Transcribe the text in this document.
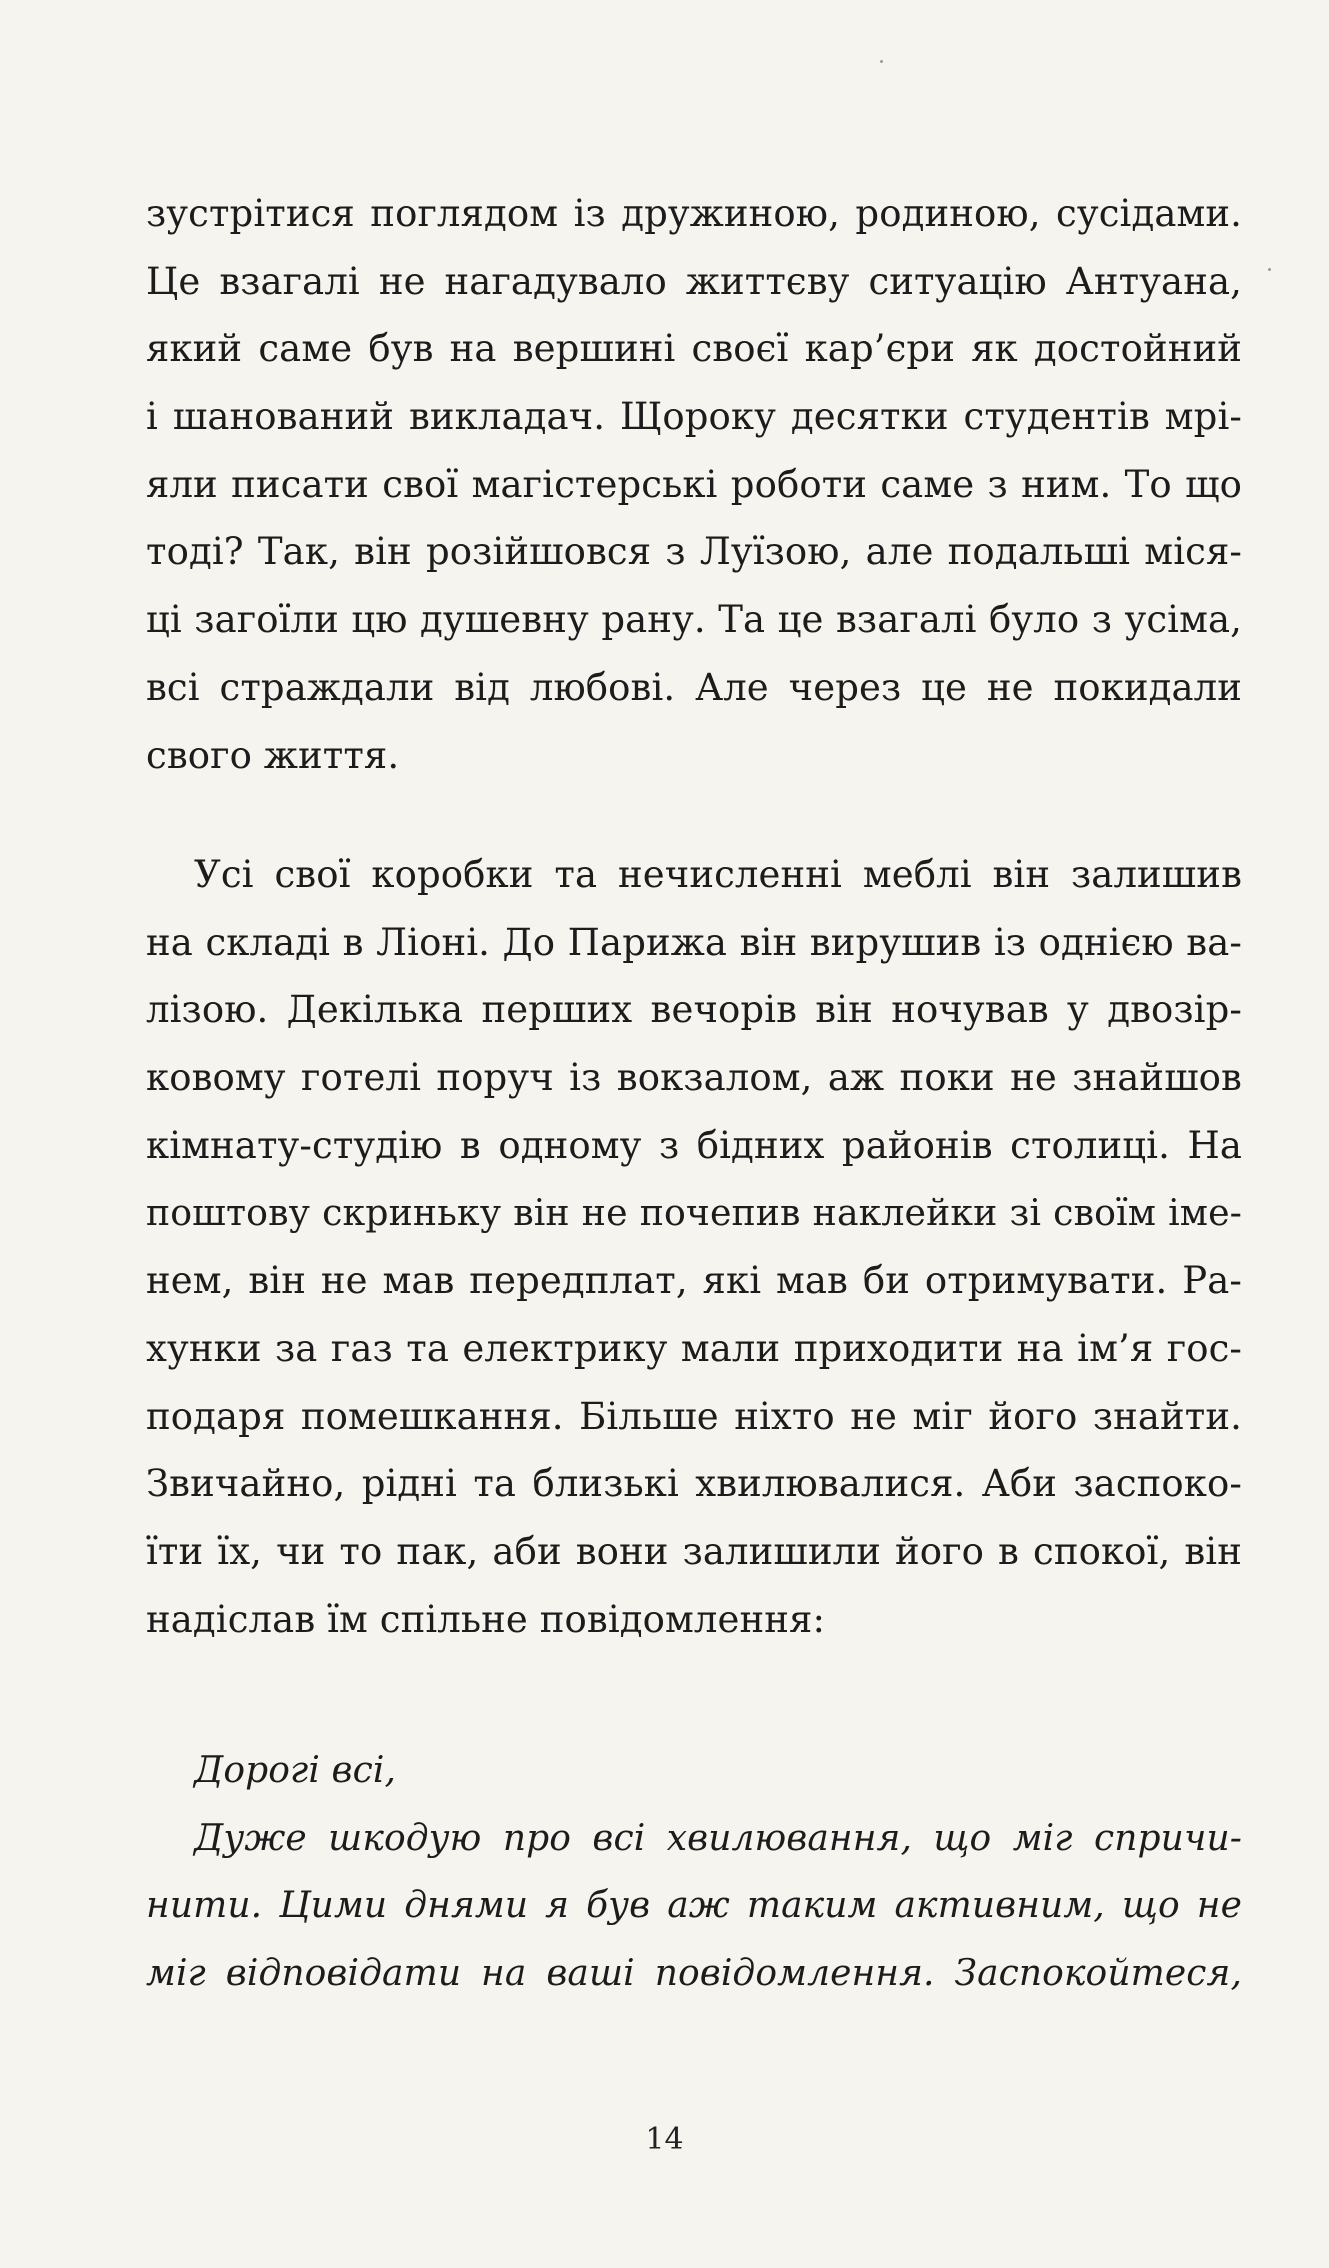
зустрітися поглядом із дружиною, родиною, сусідами.
Це взагалі не нагадувало життєву ситуацію Антуана,
який саме був на вершині своєї кар’єри як достойний
і шанований викладач. Щороку десятки студентів мрі-
яли писати свої магістерські роботи саме з ним. То що
тоді? Так, він розійшовся з Луїзою, але подальші міся-
ці загоїли цю душевну рану. Та це взагалі було з усіма,
всі страждали від любові. Але через це не покидали
свого життя.
Усі свої коробки та нечисленні меблі він залишив
на складі в Ліоні. До Парижа він вирушив із однією ва-
лізою. Декілька перших вечорів він ночував у двозір-
ковому готелі поруч із вокзалом, аж поки не знайшов
кімнату-студію в одному з бідних районів столиці. На
поштову скриньку він не почепив наклейки зі своїм іме-
нем, він не мав передплат, які мав би отримувати. Ра-
хунки за газ та електрику мали приходити на ім’я гос-
подаря помешкання. Більше ніхто не міг його знайти.
Звичайно, рідні та близькі хвилювалися. Аби заспоко-
їти їх, чи то пак, аби вони залишили його в спокої, він
надіслав їм спільне повідомлення:
Дорогі всі,
Дуже шкодую про всі хвилювання, що міг спричи-
нити. Цими днями я був аж таким активним, що не
міг відповідати на ваші повідомлення. Заспокойтеся,
14
